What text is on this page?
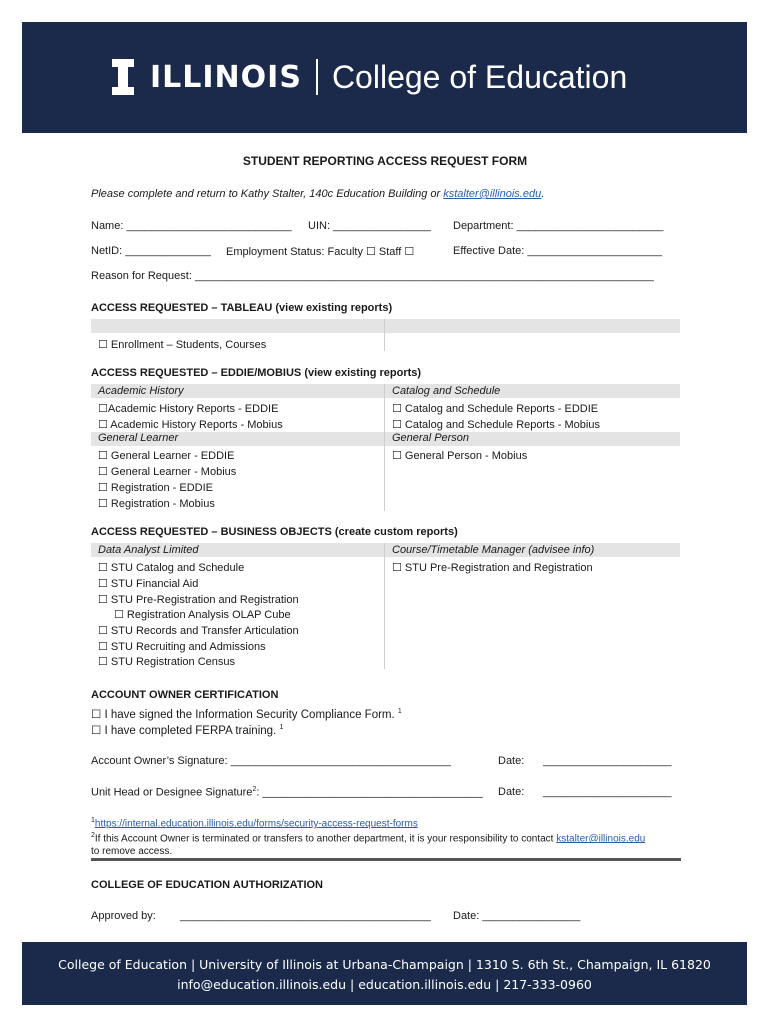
ILLINOIS College of Education
STUDENT REPORTING ACCESS REQUEST FORM
Please complete and return to Kathy Stalter, 140c Education Building or kstalter@illinois.edu.
Name: ___________________________ UIN: ________________ Department: ________________________
NetID: ______________ Employment Status: Faculty ☐ Staff ☐	Effective Date: ______________________
Reason for Request: ___________________________________________________________________________
ACCESS REQUESTED – TABLEAU (view existing reports)
☐ Enrollment – Students, Courses
ACCESS REQUESTED – EDDIE/MOBIUS (view existing reports)
Academic History	Catalog and Schedule
☐Academic History Reports - EDDIE
☐ Academic History Reports - Mobius
☐ Catalog and Schedule Reports - EDDIE
☐ Catalog and Schedule Reports - Mobius
General Learner	General Person
☐ General Learner - EDDIE
☐ General Learner - Mobius
☐ Registration - EDDIE
☐ Registration - Mobius
☐ General Person - Mobius
ACCESS REQUESTED – BUSINESS OBJECTS (create custom reports)
Data Analyst Limited	Course/Timetable Manager (advisee info)
☐ STU Catalog and Schedule
☐ STU Financial Aid
☐ STU Pre-Registration and Registration
☐ Registration Analysis OLAP Cube
☐ STU Records and Transfer Articulation
☐ STU Recruiting and Admissions
☐ STU Registration Census
☐ STU Pre-Registration and Registration
ACCOUNT OWNER CERTIFICATION
☐ I have signed the Information Security Compliance Form. $^1$
☐ I have completed FERPA training. $^1$
Account Owner’s Signature: ____________________________________	Date: _____________________
Unit Head or Designee Signature$^2$: ____________________________________ Date: _____________________
$^1$https://internal.education.illinois.edu/forms/security-access-request-forms
$^2$If this Account Owner is terminated or transfers to another department, it is your responsibility to contact kstalter@illinois.edu
to remove access.
COLLEGE OF EDUCATION AUTHORIZATION
Approved by: _________________________________________ Date: ________________
College of Education | University of Illinois at Urbana-Champaign | 1310 S. 6th St., Champaign, IL 61820
info@education.illinois.edu | education.illinois.edu | 217-333-0960
